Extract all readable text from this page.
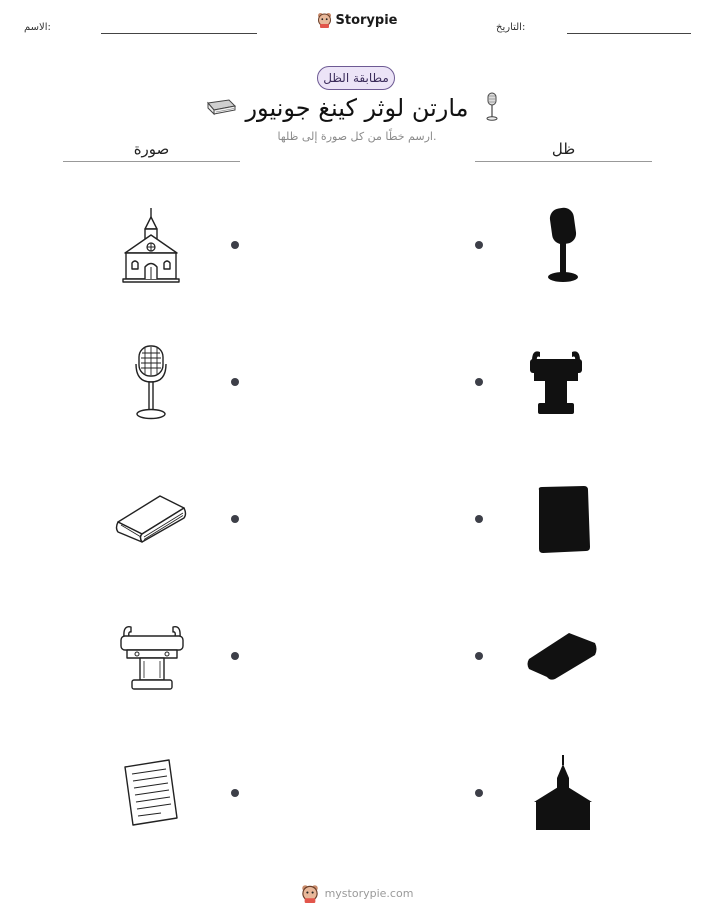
الاسم:	التاريخ:
Storypie
مطابقة الظل
مارتن لوثر كينغ جونيور
ارسم خطًا من كل صورة إلى ظلها.
صورة	ظل
mystorypie.com
